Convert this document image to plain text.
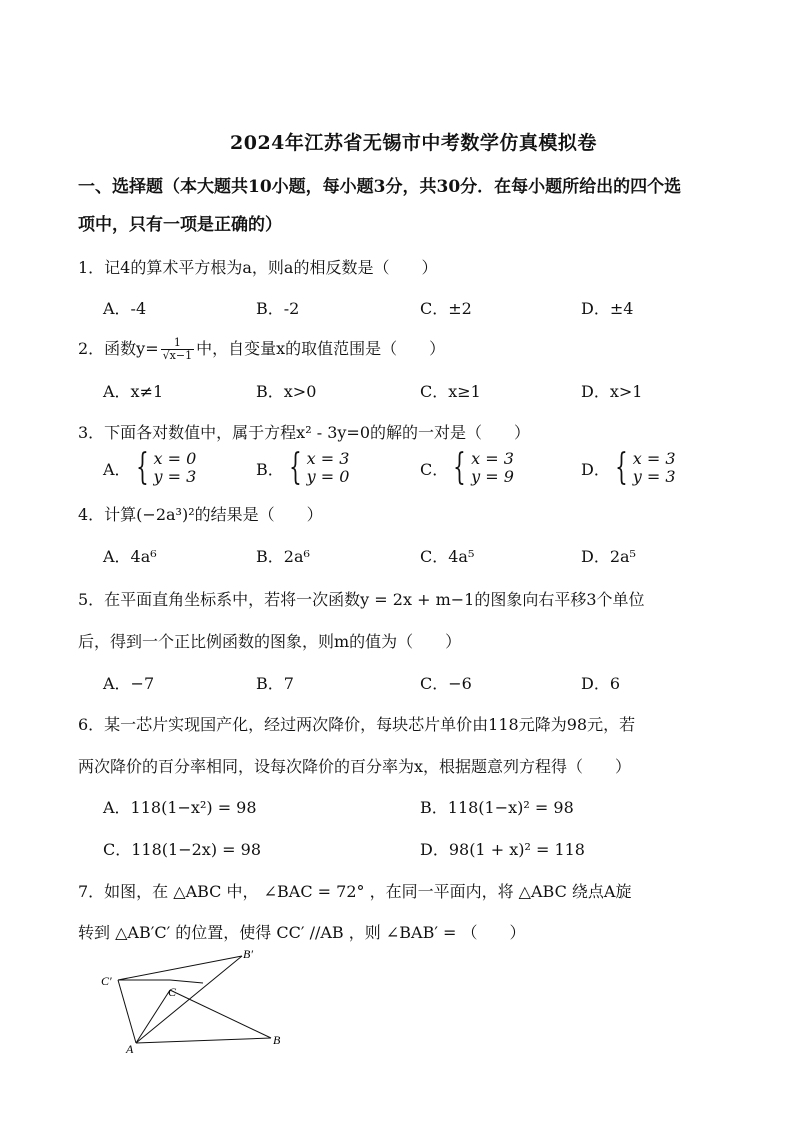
2024年江苏省无锡市中考数学仿真模拟卷
一、选择题（本大题共10小题，每小题3分，共30分．在每小题所给出的四个选
项中，只有一项是正确的）
1．记4的算术平方根为a，则a的相反数是（　　）
A．-4	B．-2	C．±2	D．±4
2．函数$y= \frac{1}{√x-1}$ 中，自变量x的取值范围是（　　）
A．x≠1	B．x>0	C．x≥1	D．x>1
3．下面各对数值中，属于方程x² - 3y=0的解的一对是（　　）
A． { x = 0
y = 3	B． { x = 3
y = 0	C． { x = 3
y = 9	D． { x = 3
y = 3
4．计算(−2a³)²的结果是（　　）
A．4a⁶	B．2a⁶	C．4a⁵	D．2a⁵
5．在平面直角坐标系中，若将一次函数y = 2x + m−1的图象向右平移3个单位
后，得到一个正比例函数的图象，则m的值为（　　）
A．−7	B．7	C．−6	D．6
6．某一芯片实现国产化，经过两次降价，每块芯片单价由118元降为98元，若
两次降价的百分率相同，设每次降价的百分率为x，根据题意列方程得（　　）
A．118(1−x²) = 98	B．118(1−x)² = 98
C．118(1−2x) = 98	D．98(1 + x)² = 118
7．如图，在 △ABC 中， ∠BAC = 72° ，在同一平面内，将 △ABC 绕点A旋
转到 △AB′C′ 的位置，使得 CC′ //AB ，则 ∠BAB′ = （　　）
A
B
C
B′
C′
